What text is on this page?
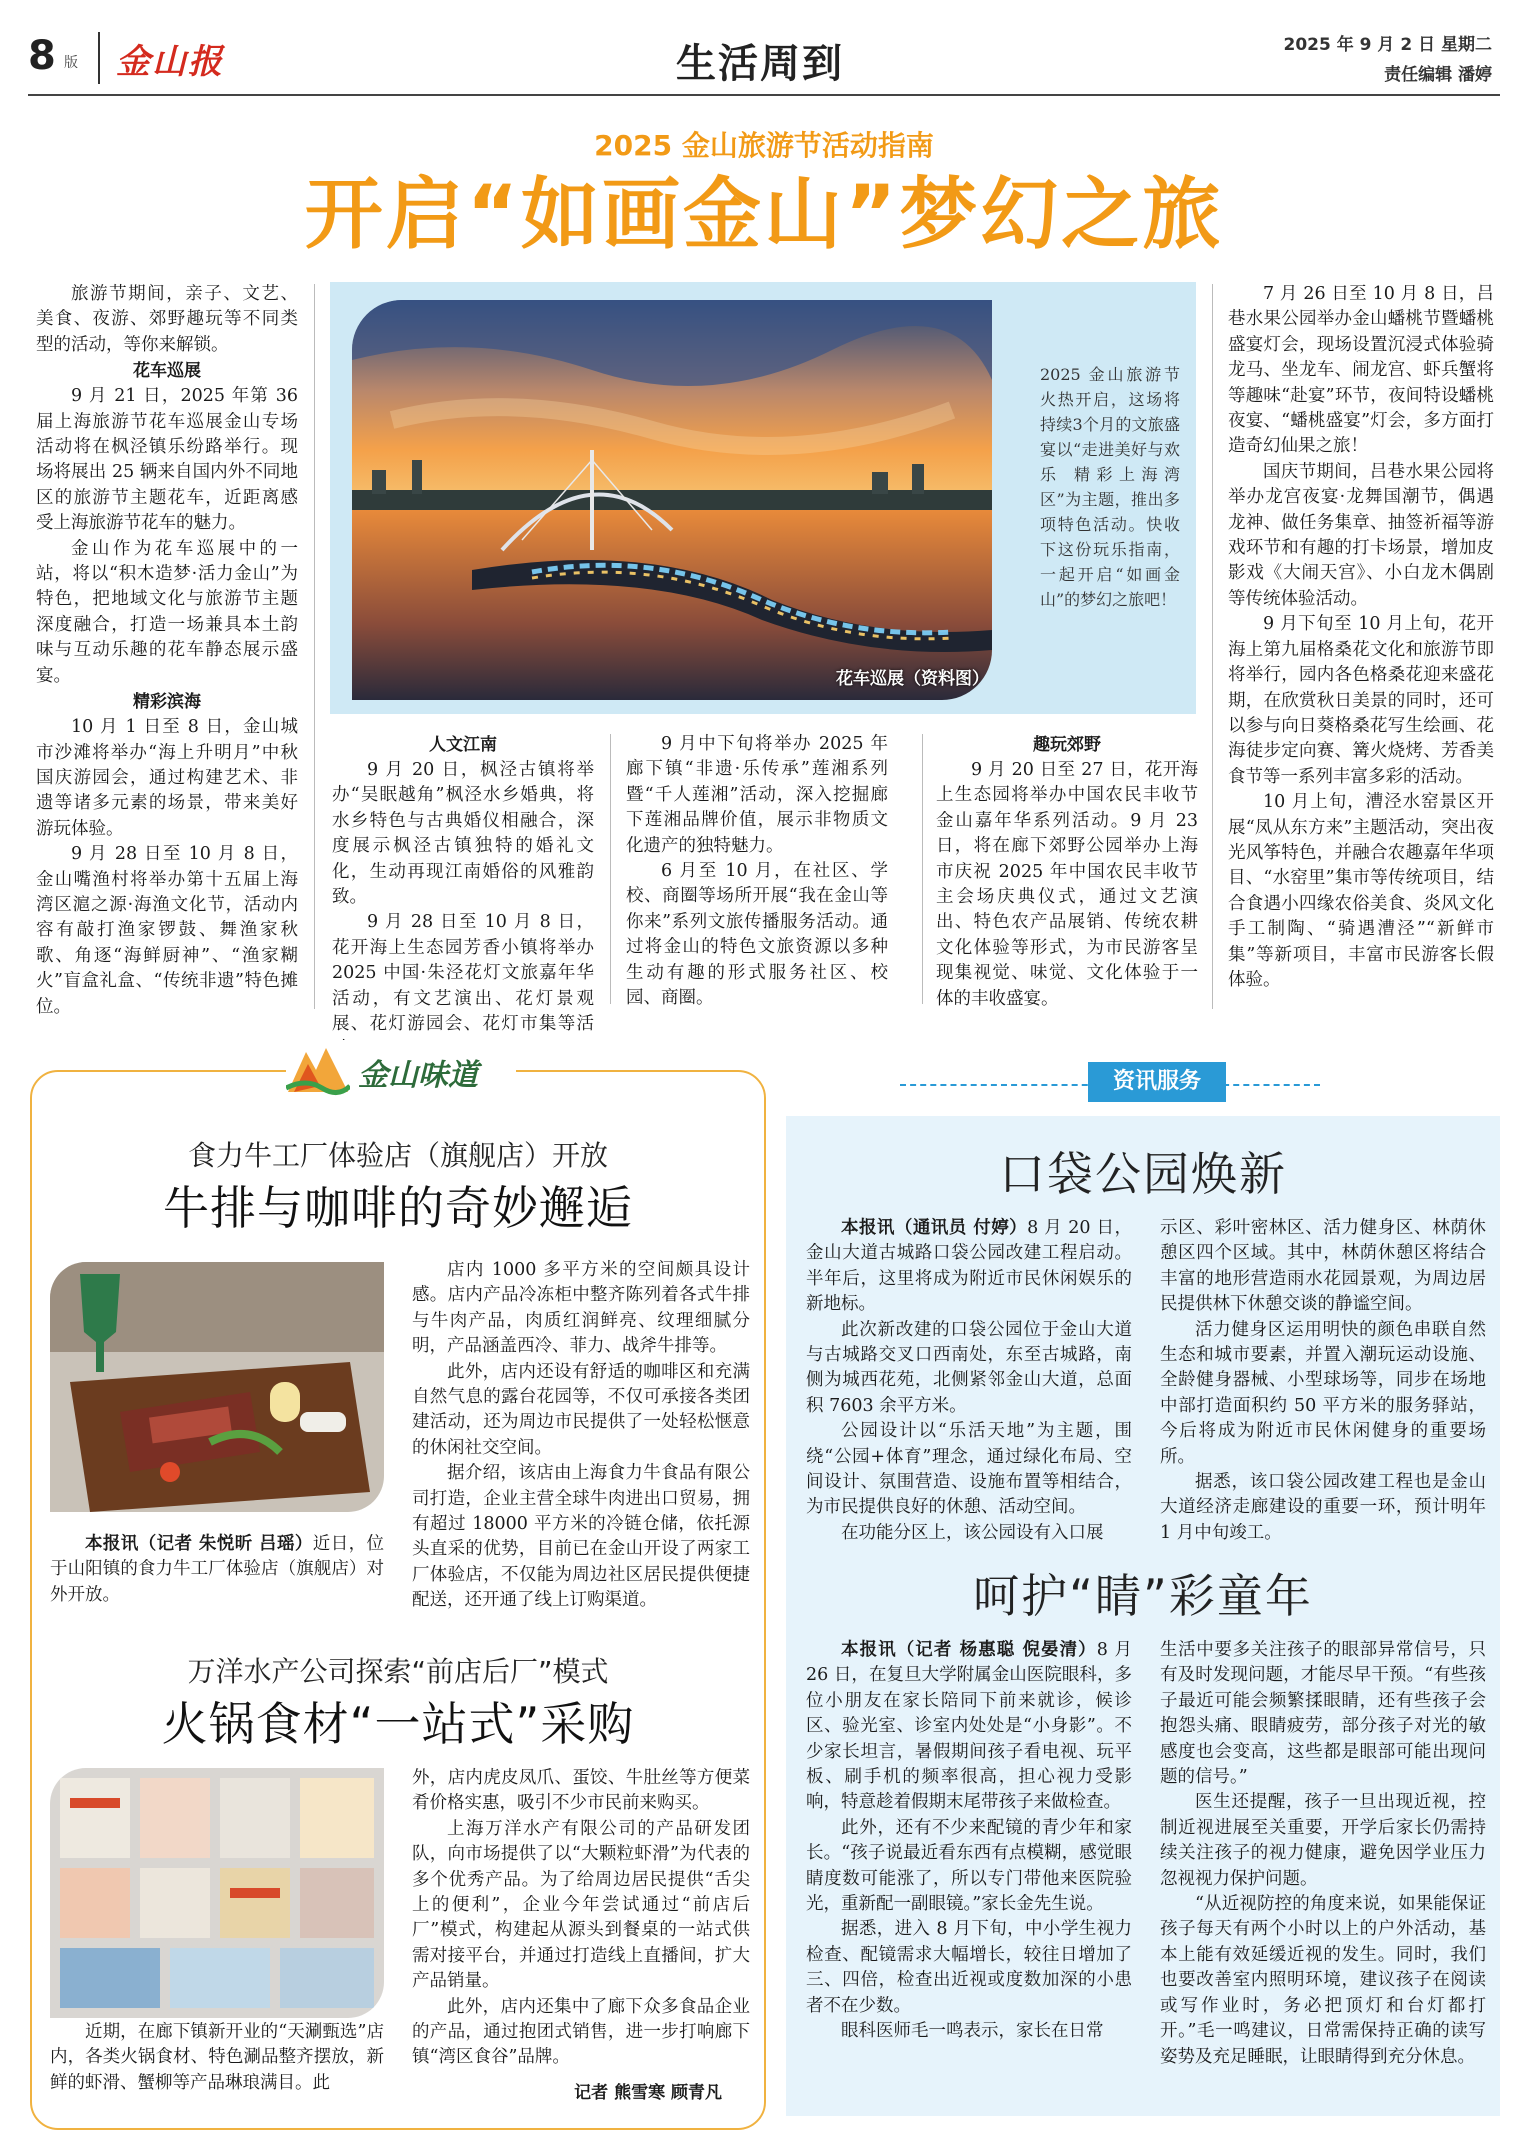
8 版 金山报	生活周到	2025 年 9 月 2 日 星期二
责任编辑 潘婷
2025 金山旅游节活动指南
开启“如画金山”梦幻之旅

旅游节期间，亲子、文艺、美食、夜游、郊野趣玩等不同类型的活动，等你来解锁。

花车巡展

9 月 21 日，2025 年第 36 届上海旅游节花车巡展金山专场活动将在枫泾镇乐纷路举行。现场将展出 25 辆来自国内外不同地区的旅游节主题花车，近距离感受上海旅游节花车的魅力。

金山作为花车巡展中的一站，将以“积木造梦·活力金山”为特色，把地域文化与旅游节主题深度融合，打造一场兼具本土韵味与互动乐趣的花车静态展示盛宴。

精彩滨海

10 月 1 日至 8 日，金山城市沙滩将举办“海上升明月”中秋国庆游园会，通过构建艺术、非遗等诸多元素的场景，带来美好游玩体验。

9 月 28 日至 10 月 8 日，金山嘴渔村将举办第十五届上海湾区滬之源·海渔文化节，活动内容有敲打渔家锣鼓、舞渔家秋歌、角逐“海鲜厨神”、“渔家糊火”盲盒礼盒、“传统非遗”特色摊位。

花车巡展（资料图）
2025 金山旅游节火热开启，这场将持续3个月的文旅盛宴以“走进美好与欢乐 精彩上海湾区”为主题，推出多项特色活动。快收下这份玩乐指南，一起开启“如画金山”的梦幻之旅吧！
人文江南

9 月 20 日，枫泾古镇将举办“吴眠越角”枫泾水乡婚典，将水乡特色与古典婚仪相融合，深度展示枫泾古镇独特的婚礼文化，生动再现江南婚俗的风雅韵致。

9 月 28 日至 10 月 8 日，花开海上生态园芳香小镇将举办 2025 中国·朱泾花灯文旅嘉年华活动，有文艺演出、花灯景观展、花灯游园会、花灯市集等活

9 月中下旬将举办 2025 年廊下镇“非遗·乐传承”莲湘系列暨“千人莲湘”活动，深入挖掘廊下莲湘品牌价值，展示非物质文化遗产的独特魅力。

6 月至 10 月，在社区、学校、商圈等场所开展“我在金山等你来”系列文旅传播服务活动。通过将金山的特色文旅资源以多种生动有趣的形式服务社区、校园、商圈。

趣玩郊野

9 月 20 日至 27 日，花开海上生态园将举办中国农民丰收节金山嘉年华系列活动。9 月 23 日，将在廊下郊野公园举办上海市庆祝 2025 年中国农民丰收节主会场庆典仪式，通过文艺演出、特色农产品展销、传统农耕文化体验等形式，为市民游客呈现集视觉、味觉、文化体验于一体的丰收盛宴。

7 月 26 日至 10 月 8 日，吕巷水果公园举办金山蟠桃节暨蟠桃盛宴灯会，现场设置沉浸式体验骑龙马、坐龙车、闹龙宫、虾兵蟹将等趣味“赴宴”环节，夜间特设蟠桃夜宴、“蟠桃盛宴”灯会，多方面打造奇幻仙果之旅！

国庆节期间，吕巷水果公园将举办龙宫夜宴·龙舞国潮节，偶遇龙神、做任务集章、抽签祈福等游戏环节和有趣的打卡场景，增加皮影戏《大闹天宫》、小白龙木偶剧等传统体验活动。

9 月下旬至 10 月上旬，花开海上第九届格桑花文化和旅游节即将举行，园内各色格桑花迎来盛花期，在欣赏秋日美景的同时，还可以参与向日葵格桑花写生绘画、花海徒步定向赛、篝火烧烤、芳香美食节等一系列丰富多彩的活动。

10 月上旬，漕泾水窑景区开展“凤从东方来”主题活动，突出夜光风筝特色，并融合农趣嘉年华项目、“水窑里”集市等传统项目，结合食遇小四缘农俗美食、炎风文化手工制陶、“骑遇漕泾”“新鲜市集”等新项目，丰富市民游客长假体验。

金山味道
食力牛工厂体验店（旗舰店）开放
牛排与咖啡的奇妙邂逅

本报讯（记者 朱悦昕 吕瑶）近日，位于山阳镇的食力牛工厂体验店（旗舰店）对外开放。

店内 1000 多平方米的空间颇具设计感。店内产品冷冻柜中整齐陈列着各式牛排与牛肉产品，肉质红润鲜亮、纹理细腻分明，产品涵盖西冷、菲力、战斧牛排等。

此外，店内还设有舒适的咖啡区和充满自然气息的露台花园等，不仅可承接各类团建活动，还为周边市民提供了一处轻松惬意的休闲社交空间。

据介绍，该店由上海食力牛食品有限公司打造，企业主营全球牛肉进出口贸易，拥有超过 18000 平方米的冷链仓储，依托源头直采的优势，目前已在金山开设了两家工厂体验店，不仅能为周边社区居民提供便捷配送，还开通了线上订购渠道。

万洋水产公司探索“前店后厂”模式
火锅食材“一站式”采购

近期，在廊下镇新开业的“天涮甄选”店内，各类火锅食材、特色涮品整齐摆放，新鲜的虾滑、蟹柳等产品琳琅满目。此

外，店内虎皮凤爪、蛋饺、牛肚丝等方便菜肴价格实惠，吸引不少市民前来购买。

上海万洋水产有限公司的产品研发团队，向市场提供了以“大颗粒虾滑”为代表的多个优秀产品。为了给周边居民提供“舌尖上的便利”，企业今年尝试通过“前店后厂”模式，构建起从源头到餐桌的一站式供需对接平台，并通过打造线上直播间，扩大产品销量。

此外，店内还集中了廊下众多食品企业的产品，通过抱团式销售，进一步打响廊下镇“湾区食谷”品牌。

记者 熊雪寒 顾青凡
资讯服务
口袋公园焕新

本报讯（通讯员 付婷）8 月 20 日，金山大道古城路口袋公园改建工程启动。半年后，这里将成为附近市民休闲娱乐的新地标。

此次新改建的口袋公园位于金山大道与古城路交叉口西南处，东至古城路，南侧为城西花苑，北侧紧邻金山大道，总面积 7603 余平方米。

公园设计以“乐活天地”为主题，围绕“公园+体育”理念，通过绿化布局、空间设计、氛围营造、设施布置等相结合，为市民提供良好的休憩、活动空间。

在功能分区上，该公园设有入口展

示区、彩叶密林区、活力健身区、林荫休憩区四个区域。其中，林荫休憩区将结合丰富的地形营造雨水花园景观，为周边居民提供林下休憩交谈的静谧空间。

活力健身区运用明快的颜色串联自然生态和城市要素，并置入潮玩运动设施、全龄健身器械、小型球场等，同步在场地中部打造面积约 50 平方米的服务驿站，今后将成为附近市民休闲健身的重要场所。

据悉，该口袋公园改建工程也是金山大道经济走廊建设的重要一环，预计明年 1 月中旬竣工。

呵护“睛”彩童年

本报讯（记者 杨惠聪 倪晏清）8 月 26 日，在复旦大学附属金山医院眼科，多位小朋友在家长陪同下前来就诊，候诊区、验光室、诊室内处处是“小身影”。不少家长坦言，暑假期间孩子看电视、玩平板、刷手机的频率很高，担心视力受影响，特意趁着假期末尾带孩子来做检查。

此外，还有不少来配镜的青少年和家长。“孩子说最近看东西有点模糊，感觉眼睛度数可能涨了，所以专门带他来医院验光，重新配一副眼镜。”家长金先生说。

据悉，进入 8 月下旬，中小学生视力检查、配镜需求大幅增长，较往日增加了三、四倍，检查出近视或度数加深的小患者不在少数。

眼科医师毛一鸣表示，家长在日常

生活中要多关注孩子的眼部异常信号，只有及时发现问题，才能尽早干预。“有些孩子最近可能会频繁揉眼睛，还有些孩子会抱怨头痛、眼睛疲劳，部分孩子对光的敏感度也会变高，这些都是眼部可能出现问题的信号。”

医生还提醒，孩子一旦出现近视，控制近视进展至关重要，开学后家长仍需持续关注孩子的视力健康，避免因学业压力忽视视力保护问题。

“从近视防控的角度来说，如果能保证孩子每天有两个小时以上的户外活动，基本上能有效延缓近视的发生。同时，我们也要改善室内照明环境，建议孩子在阅读或写作业时，务必把顶灯和台灯都打开。”毛一鸣建议，日常需保持正确的读写姿势及充足睡眠，让眼睛得到充分休息。
